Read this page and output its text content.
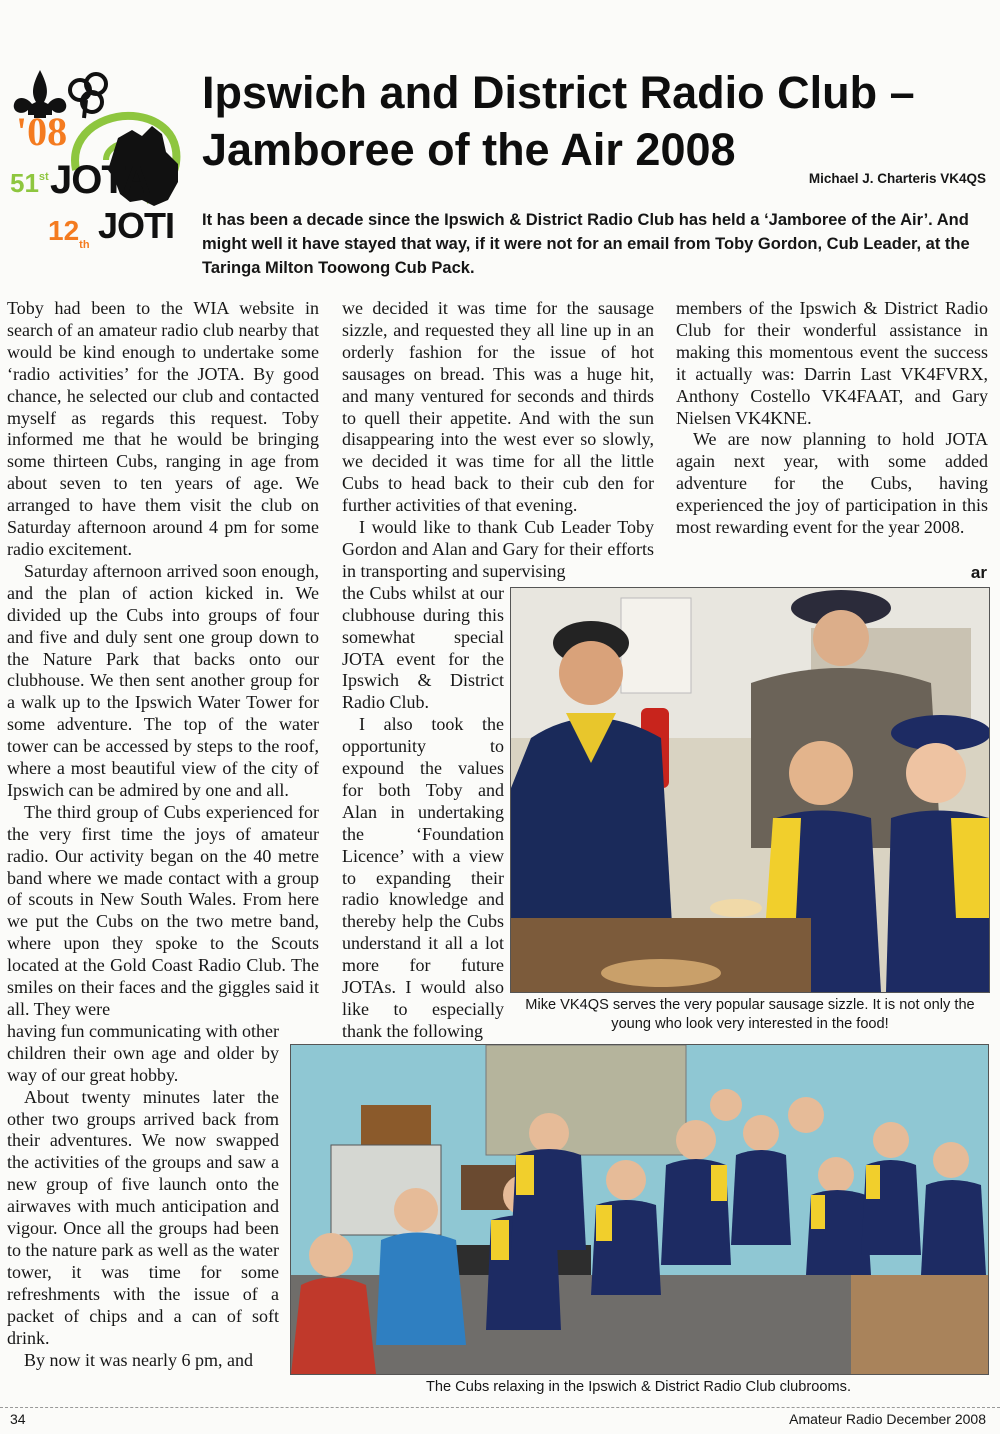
'08
51st JOTA
$12_{th}$ JOTI
Ipswich and District Radio Club –
Jamboree of the Air 2008
Michael J. Charteris VK4QS
It has been a decade since the Ipswich & District Radio Club has held a ‘Jamboree of the Air’. And might well it have stayed that way, if it were not for an email from Toby Gordon, Cub Leader, at the Taringa Milton Toowong Cub Pack.

Toby had been to the WIA website in search of an amateur radio club nearby that would be kind enough to undertake some ‘radio activities’ for the JOTA. By good chance, he selected our club and contacted myself as regards this request. Toby informed me that he would be bringing some thirteen Cubs, ranging in age from about seven to ten years of age. We arranged to have them visit the club on Saturday afternoon around 4 pm for some radio excitement.

Saturday afternoon arrived soon enough, and the plan of action kicked in. We divided up the Cubs into groups of four and five and duly sent one group down to the Nature Park that backs onto our clubhouse. We then sent another group for a walk up to the Ipswich Water Tower for some adventure. The top of the water tower can be accessed by steps to the roof, where a most beautiful view of the city of Ipswich can be admired by one and all.

The third group of Cubs experienced for the very first time the joys of amateur radio. Our activity began on the 40 metre band where we made contact with a group of scouts in New South Wales. From here we put the Cubs on the two metre band, where upon they spoke to the Scouts located at the Gold Coast Radio Club. The smiles on their faces and the giggles said it all. They were

having fun communicating with other children their own age and older by way of our great hobby.

About twenty minutes later the other two groups arrived back from their adventures. We now swapped the activities of the groups and saw a new group of five launch onto the airwaves with much anticipation and vigour. Once all the groups had been to the nature park as well as the water tower, it was time for some refreshments with the issue of a packet of chips and a can of soft drink.

By now it was nearly 6 pm, and

we decided it was time for the sausage sizzle, and requested they all line up in an orderly fashion for the issue of hot sausages on bread. This was a huge hit, and many ventured for seconds and thirds to quell their appetite. And with the sun disappearing into the west ever so slowly, we decided it was time for all the little Cubs to head back to their cub den for further activities of that evening.

I would like to thank Cub Leader Toby Gordon and Alan and Gary for their efforts in transporting and supervising

the Cubs whilst at our clubhouse during this somewhat special JOTA event for the Ipswich & District Radio Club.

I also took the opportunity to expound the values for both Toby and Alan in undertaking the ‘Foundation Licence’ with a view to expanding their radio knowledge and thereby help the Cubs understand it all a lot more for future JOTAs. I would also like to especially thank the following

members of the Ipswich & District Radio Club for their wonderful assistance in making this momentous event the success it actually was: Darrin Last VK4FVRX, Anthony Costello VK4FAAT, and Gary Nielsen VK4KNE.

We are now planning to hold JOTA again next year, with some added adventure for the Cubs, having experienced the joy of participation in this most rewarding event for the year 2008.

ar
Mike VK4QS serves the very popular sausage sizzle. It is not only the young who look very interested in the food!
The Cubs relaxing in the Ipswich & District Radio Club clubrooms.
34	Amateur Radio December 2008
